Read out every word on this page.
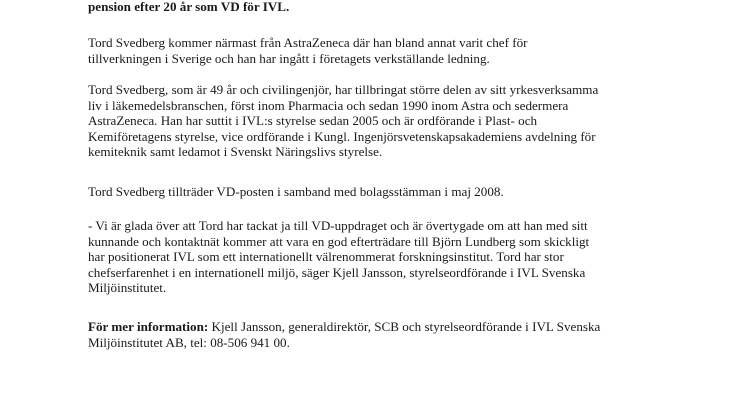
pension efter 20 år som VD för IVL.

Tord Svedberg kommer närmast från AstraZeneca där han bland annat varit chef för
tillverkningen i Sverige och han har ingått i företagets verkställande ledning.

Tord Svedberg, som är 49 år och civilingenjör, har tillbringat större delen av sitt yrkesverksamma
liv i läkemedelsbranschen, först inom Pharmacia och sedan 1990 inom Astra och sedermera
AstraZeneca. Han har suttit i IVL:s styrelse sedan 2005 och är ordförande i Plast- och
Kemiföretagens styrelse, vice ordförande i Kungl. Ingenjörsvetenskapsakademiens avdelning för
kemiteknik samt ledamot i Svenskt Näringslivs styrelse.

Tord Svedberg tillträder VD-posten i samband med bolagsstämman i maj 2008.

- Vi är glada över att Tord har tackat ja till VD-uppdraget och är övertygade om att han med sitt
kunnande och kontaktnät kommer att vara en god efterträdare till Björn Lundberg som skickligt
har positionerat IVL som ett internationellt välrenommerat forskningsinstitut. Tord har stor
chefserfarenhet i en internationell miljö, säger Kjell Jansson, styrelseordförande i IVL Svenska
Miljöinstitutet.

För mer information: Kjell Jansson, generaldirektör, SCB och styrelseordförande i IVL Svenska
Miljöinstitutet AB, tel: 08-506 941 00.
